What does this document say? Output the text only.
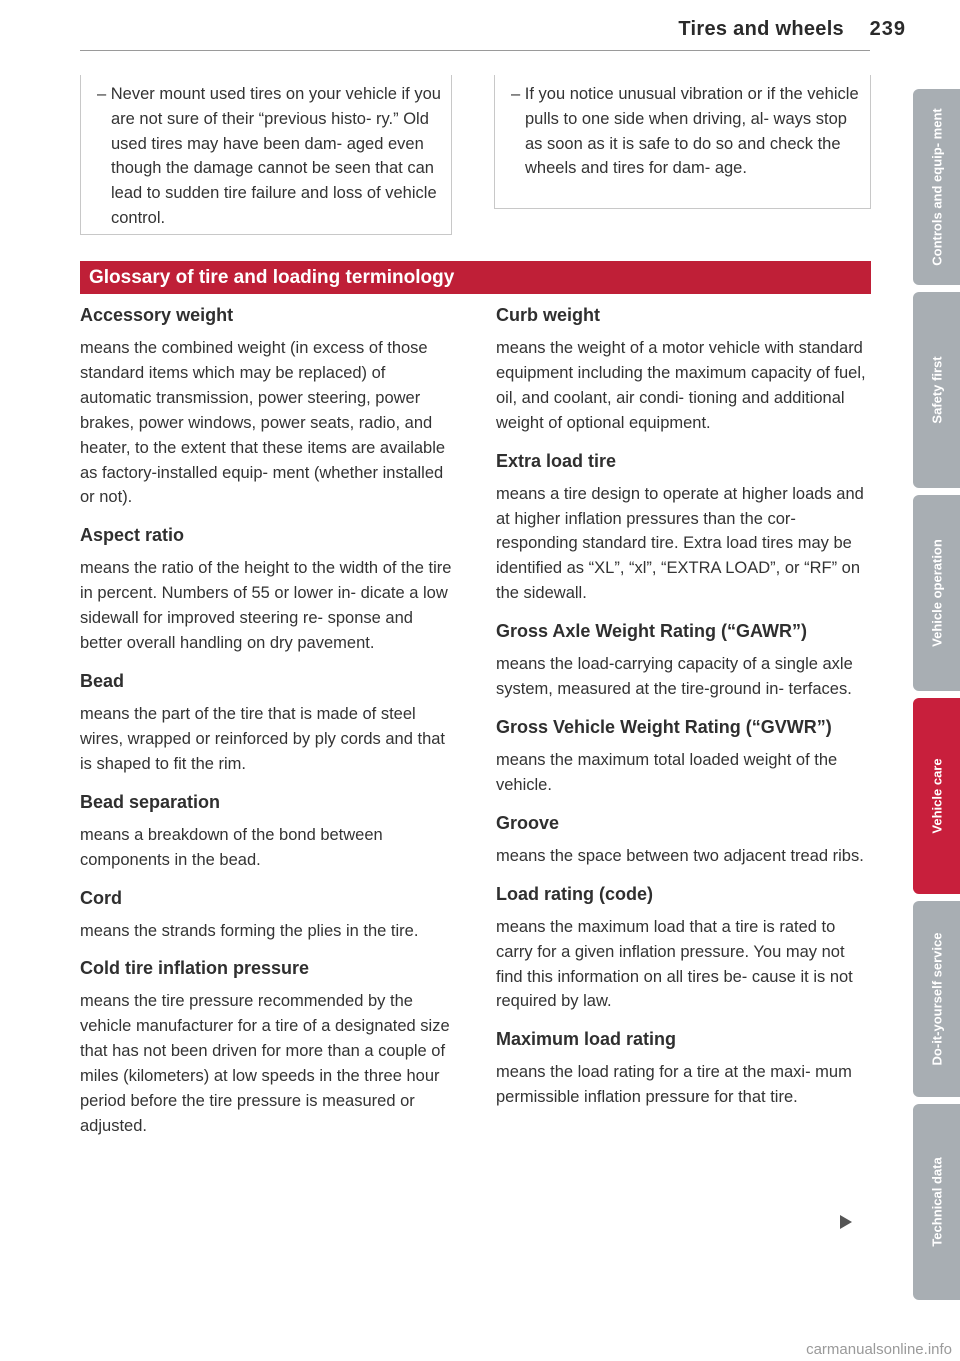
Tires and wheels 239

– Never mount used tires on your vehicle if you are not sure of their “previous histo- ry.” Old used tires may have been dam- aged even though the damage cannot be seen that can lead to sudden tire failure and loss of vehicle control.

– If you notice unusual vibration or if the vehicle pulls to one side when driving, al- ways stop as soon as it is safe to do so and check the wheels and tires for dam- age.

Glossary of tire and loading terminology
Accessory weight
means the combined weight (in excess of those standard items which may be replaced) of automatic transmission, power steering, power brakes, power windows, power seats, radio, and heater, to the extent that these items are available as factory-installed equip- ment (whether installed or not).
Aspect ratio
means the ratio of the height to the width of the tire in percent. Numbers of 55 or lower in- dicate a low sidewall for improved steering re- sponse and better overall handling on dry pavement.
Bead
means the part of the tire that is made of steel wires, wrapped or reinforced by ply cords and that is shaped to fit the rim.
Bead separation
means a breakdown of the bond between components in the bead.
Cord
means the strands forming the plies in the tire.
Cold tire inflation pressure
means the tire pressure recommended by the vehicle manufacturer for a tire of a designated size that has not been driven for more than a couple of miles (kilometers) at low speeds in the three hour period before the tire pressure is measured or adjusted.
Curb weight
means the weight of a motor vehicle with standard equipment including the maximum capacity of fuel, oil, and coolant, air condi- tioning and additional weight of optional equipment.
Extra load tire
means a tire design to operate at higher loads and at higher inflation pressures than the cor- responding standard tire. Extra load tires may be identified as “XL”, “xl”, “EXTRA LOAD”, or “RF” on the sidewall.
Gross Axle Weight Rating (“GAWR”)
means the load-carrying capacity of a single axle system, measured at the tire-ground in- terfaces.
Gross Vehicle Weight Rating (“GVWR”)
means the maximum total loaded weight of the vehicle.
Groove
means the space between two adjacent tread ribs.
Load rating (code)
means the maximum load that a tire is rated to carry for a given inflation pressure. You may not find this information on all tires be- cause it is not required by law.
Maximum load rating
means the load rating for a tire at the maxi- mum permissible inflation pressure for that tire.
Controls and equip- ment
Safety first
Vehicle operation
Vehicle care
Do-it-yourself service
Technical data
carmanualsonline.info
